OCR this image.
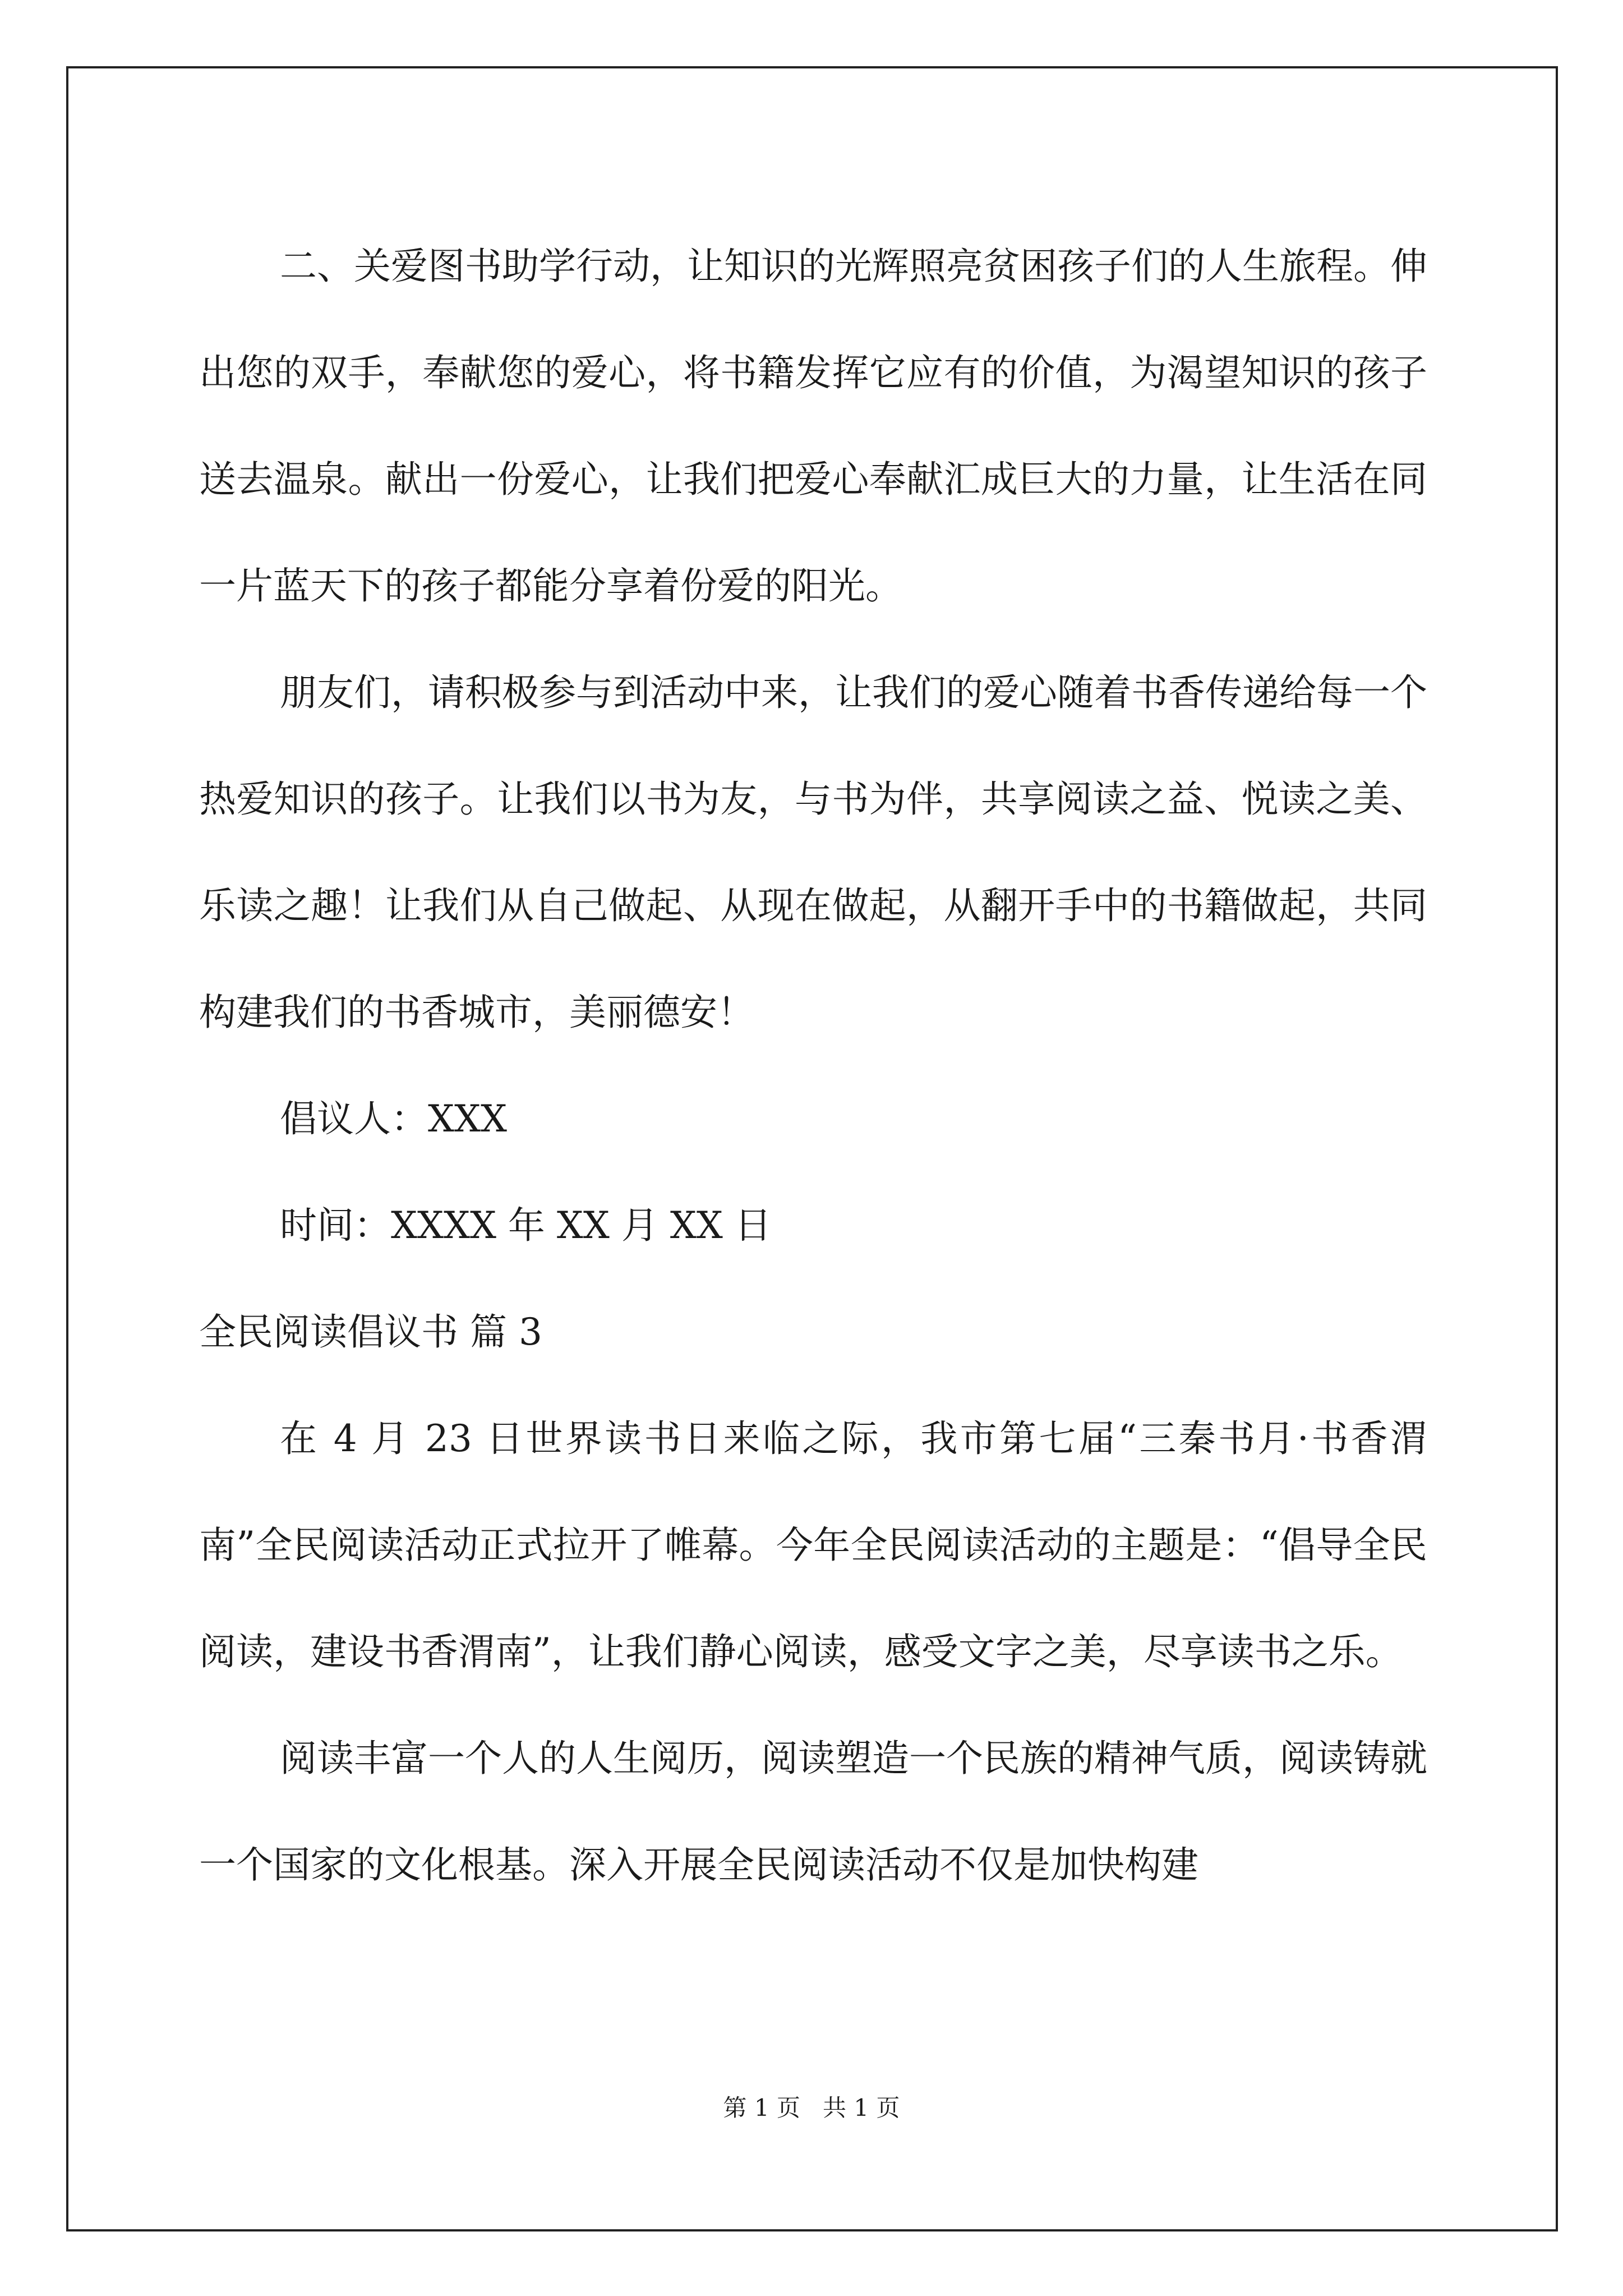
二、关爱图书助学行动，让知识的光辉照亮贫困孩子们的人生旅程。伸出您的双手，奉献您的爱心，将书籍发挥它应有的价值，为渴望知识的孩子送去温泉。献出一份爱心，让我们把爱心奉献汇成巨大的力量，让生活在同一片蓝天下的孩子都能分享着份爱的阳光。

朋友们，请积极参与到活动中来，让我们的爱心随着书香传递给每一个热爱知识的孩子。让我们以书为友，与书为伴，共享阅读之益、悦读之美、乐读之趣！让我们从自己做起、从现在做起，从翻开手中的书籍做起，共同构建我们的书香城市，美丽德安！

倡议人：XXX

时间：XXXX 年 XX 月 XX 日

全民阅读倡议书 篇 3

在 4 月 23 日世界读书日来临之际，我市第七届“三秦书月·书香渭南”全民阅读活动正式拉开了帷幕。今年全民阅读活动的主题是：“倡导全民阅读，建设书香渭南”，让我们静心阅读，感受文字之美，尽享读书之乐。

阅读丰富一个人的人生阅历，阅读塑造一个民族的精神气质，阅读铸就一个国家的文化根基。深入开展全民阅读活动不仅是加快构建

第 1 页   共 1 页
